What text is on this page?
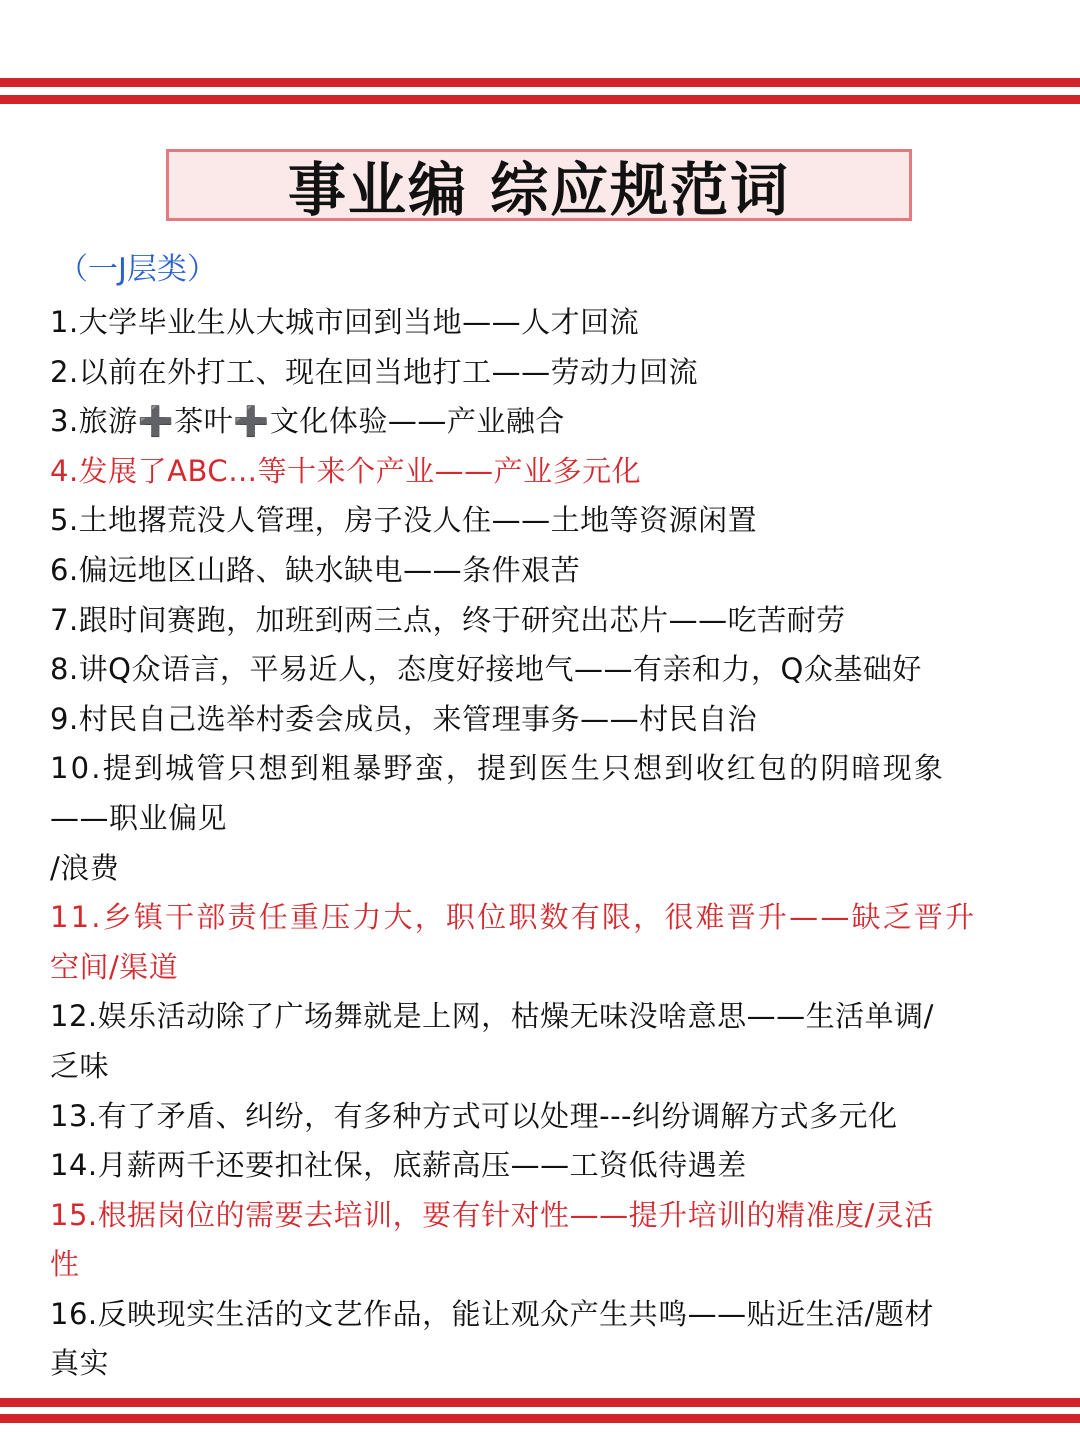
事业编 综应规范词
（一J层类）
1.大学毕业生从大城市回到当地——人才回流
2.以前在外打工、现在回当地打工——劳动力回流
3.旅游➕茶叶➕文化体验——产业融合
4.发展了ABC…等十来个产业——产业多元化
5.土地撂荒没人管理，房子没人住——土地等资源闲置
6.偏远地区山路、缺水缺电——条件艰苦
7.跟时间赛跑，加班到两三点，终于研究出芯片——吃苦耐劳
8.讲Q众语言，平易近人，态度好接地气——有亲和力，Q众基础好
9.村民自己选举村委会成员，来管理事务——村民自治
10.提到城管只想到粗暴野蛮，提到医生只想到收红包的阴暗现象
——职业偏见
/浪费
11.乡镇干部责任重压力大，职位职数有限，很难晋升——缺乏晋升
空间/渠道
12.娱乐活动除了广场舞就是上网，枯燥无味没啥意思——生活单调/
乏味
13.有了矛盾、纠纷，有多种方式可以处理---纠纷调解方式多元化
14.月薪两千还要扣社保，底薪高压——工资低待遇差
15.根据岗位的需要去培训，要有针对性——提升培训的精准度/灵活
性
16.反映现实生活的文艺作品，能让观众产生共鸣——贴近生活/题材
真实
